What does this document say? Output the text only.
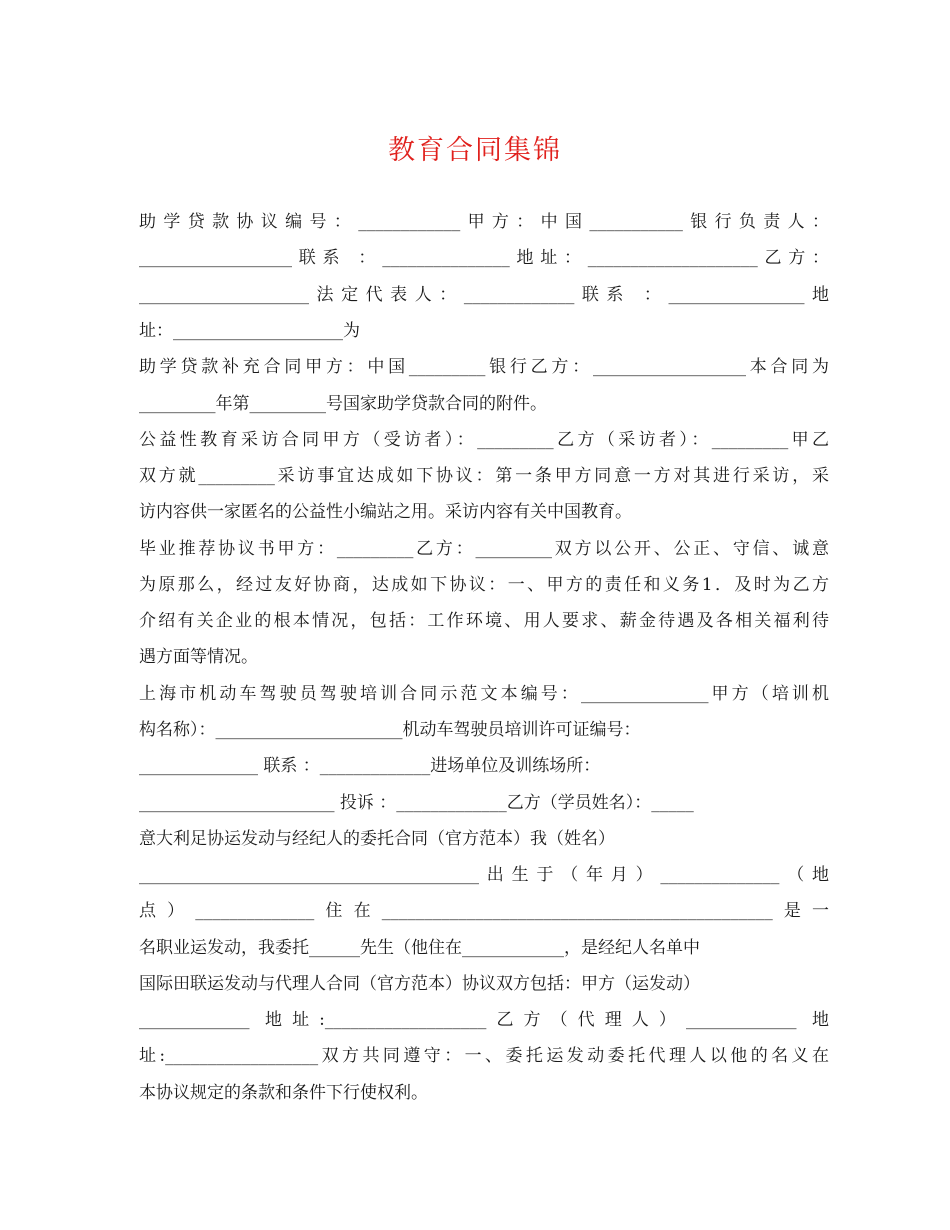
教育合同集锦
助学贷款协议编号：____________甲方：中国___________银行负责人：
__________________联系 ：_______________地址：____________________乙方：
____________________法定代表人：_____________联系 ：________________地
址：____________________为
助学贷款补充合同甲方：中国_________银行乙方：__________________本合同为
_________年第_________号国家助学贷款合同的附件。
公益性教育采访合同甲方（受访者）：_________乙方（采访者）：_________甲乙
双方就_________采访事宜达成如下协议：第一条甲方同意一方对其进行采访，采
访内容供一家匿名的公益性小编站之用。采访内容有关中国教育。
毕业推荐协议书甲方：_________乙方：_________双方以公开、公正、守信、诚意
为原那么，经过友好协商，达成如下协议：一、甲方的责任和义务1．及时为乙方
介绍有关企业的根本情况，包括：工作环境、用人要求、薪金待遇及各相关福利待
遇方面等情况。
上海市机动车驾驶员驾驶培训合同示范文本编号：_______________甲方（培训机
构名称）：______________________机动车驾驶员培训许可证编号：
______________ 联系 ：_____________进场单位及训练场所：
_______________________ 投诉 ：_____________乙方（学员姓名）：_____
意大利足协运发动与经纪人的委托合同（官方范本）我（姓名）
________________________________________出生于（年月）______________（地
点）______________住在______________________________________________是一
名职业运发动，我委托______先生（他住在____________，是经纪人名单中
国际田联运发动与代理人合同（官方范本）协议双方包括：甲方（运发动）
_____________ 地址:___________________乙方（代理人）_____________ 地
址:__________________双方共同遵守：一、委托运发动委托代理人以他的名义在
本协议规定的条款和条件下行使权利。
